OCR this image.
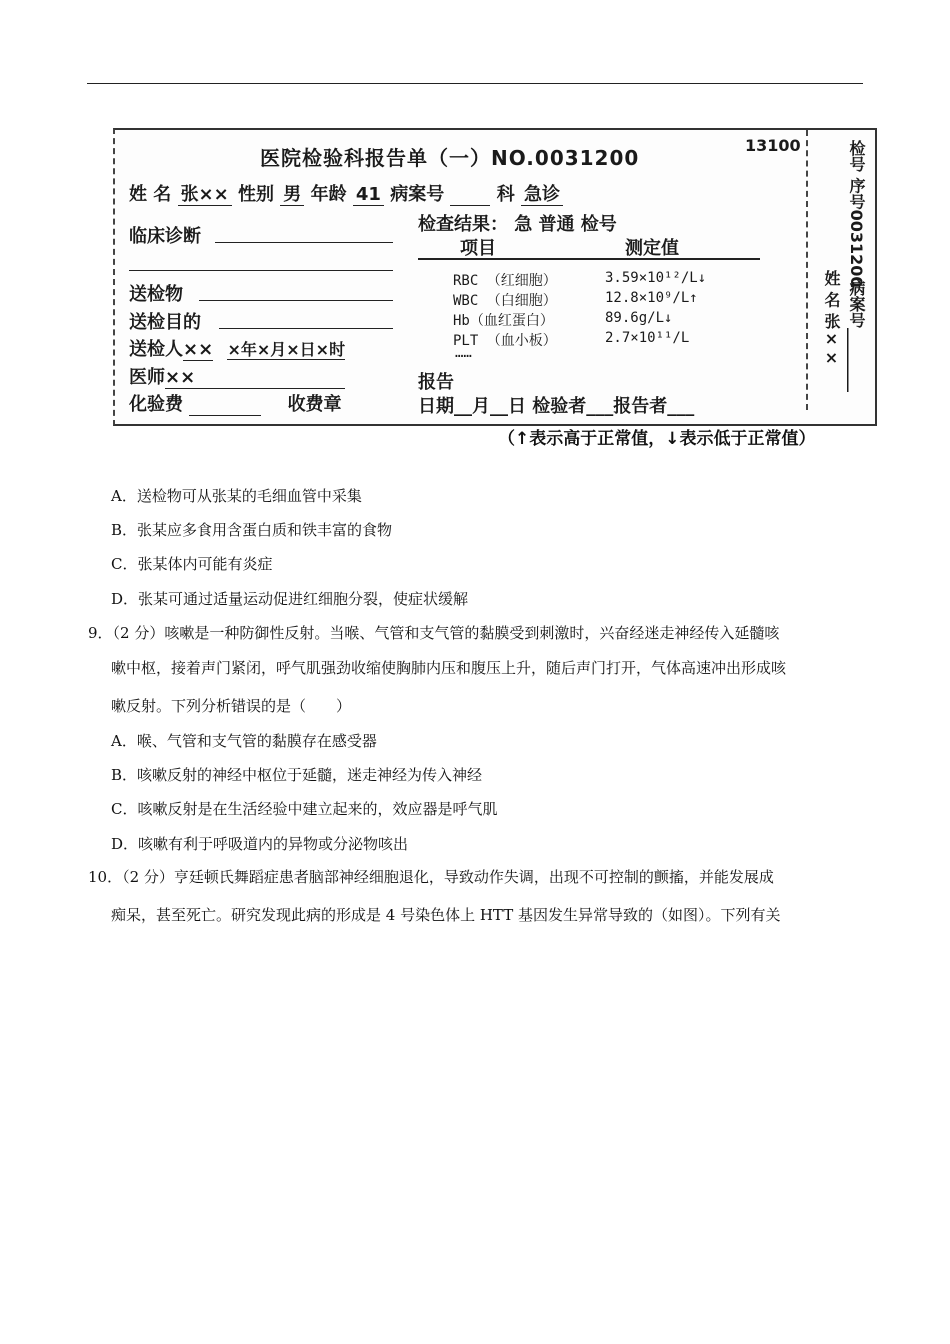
医院检验科报告单（一）NO.0031200
13100
姓 名 张×× 性别 男 年龄 41 病案号	科 急诊
临床诊断
送检物
送检目的
送检人×× ×年×月×日×时
医师××
化验费	收费章
检查结果： 急 普通 检号
项目	测定值
RBC （红细胞）	3.59×10¹²/L↓
WBC （白细胞）	12.8×10⁹/L↑
Hb（血红蛋白）	89.6g/L↓
PLT （血小板）	2.7×10¹¹/L
……
报告
日期__月__日 检验者___报告者___
检号 序号0031200
姓 名 张×× 病案号________
（↑表示高于正常值，↓表示低于正常值）
A．送检物可从张某的毛细血管中采集
B．张某应多食用含蛋白质和铁丰富的食物
C．张某体内可能有炎症
D．张某可通过适量运动促进红细胞分裂，使症状缓解
9．（2 分）咳嗽是一种防御性反射。当喉、气管和支气管的黏膜受到刺激时，兴奋经迷走神经传入延髓咳
嗽中枢，接着声门紧闭，呼气肌强劲收缩使胸肺内压和腹压上升，随后声门打开，气体高速冲出形成咳
嗽反射。下列分析错误的是（　　）
A．喉、气管和支气管的黏膜存在感受器
B．咳嗽反射的神经中枢位于延髓，迷走神经为传入神经
C．咳嗽反射是在生活经验中建立起来的，效应器是呼气肌
D．咳嗽有利于呼吸道内的异物或分泌物咳出
10．（2 分）亨廷顿氏舞蹈症患者脑部神经细胞退化，导致动作失调，出现不可控制的颤搐，并能发展成
痴呆，甚至死亡。研究发现此病的形成是 4 号染色体上 HTT 基因发生异常导致的（如图）。下列有关
